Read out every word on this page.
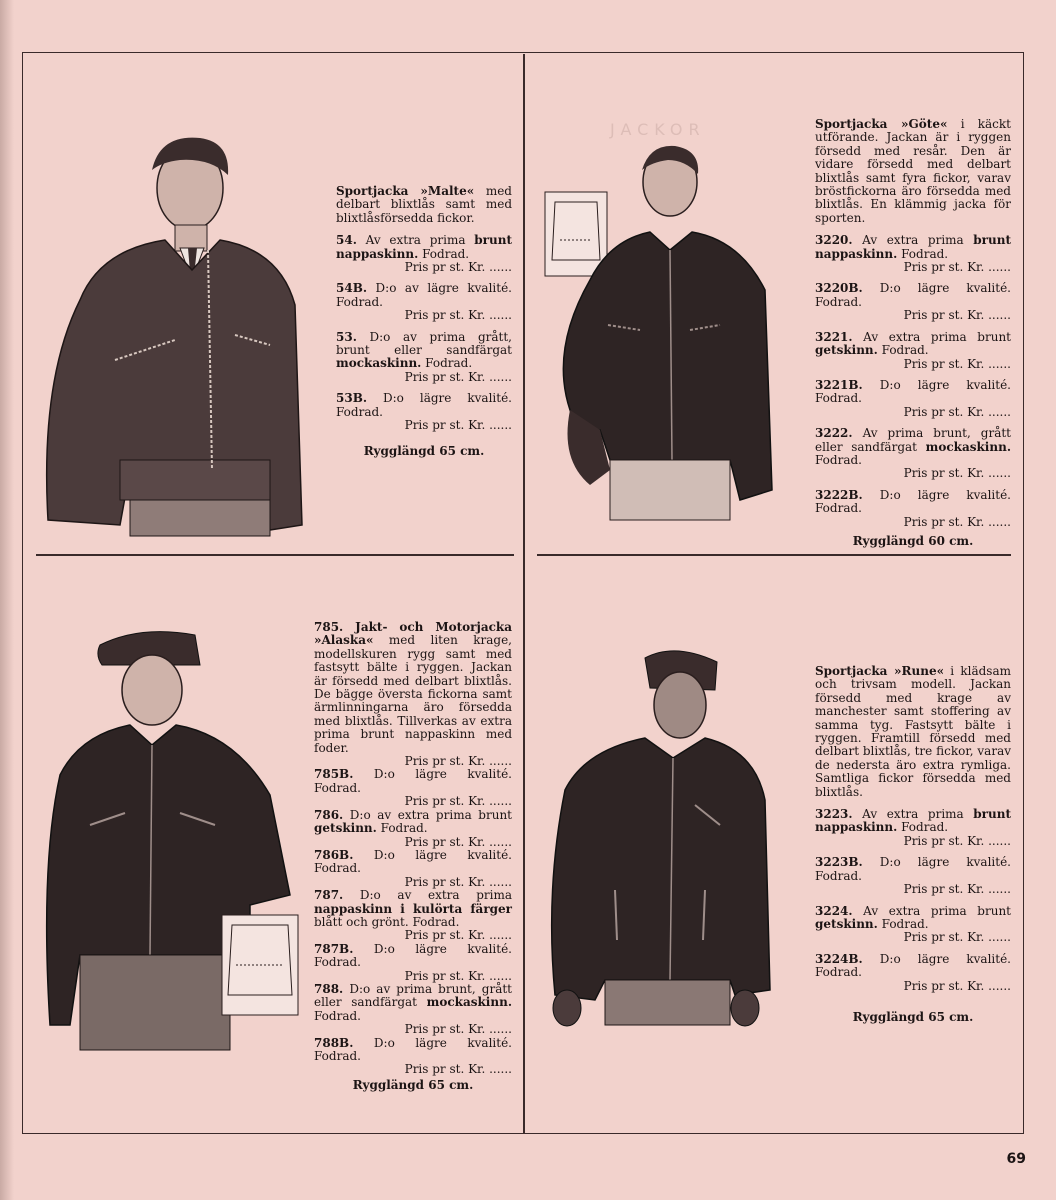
JACKOR

Sportjacka »Malte« med delbart blixtlås samt med blixtlåsförsedda fickor.

54. Av extra prima brunt nappaskinn. Fodrad.

Pris pr st. Kr. ......

54B. D:o av lägre kvalité. Fodrad.

Pris pr st. Kr. ......

53. D:o av prima grått, brunt eller sandfärgat mockaskinn. Fodrad.

Pris pr st. Kr. ......

53B. D:o lägre kvalité. Fodrad.

Pris pr st. Kr. ......

Rygglängd 65 cm.

Sportjacka »Göte« i käckt utförande. Jackan är i ryggen försedd med resår. Den är vidare försedd med delbart blixtlås samt fyra fickor, varav bröstfickorna äro försedda med blixtlås. En klämmig jacka för sporten.

3220. Av extra prima brunt nappaskinn. Fodrad.

Pris pr st. Kr. ......

3220B. D:o lägre kvalité. Fodrad.

Pris pr st. Kr. ......

3221. Av extra prima brunt getskinn. Fodrad.

Pris pr st. Kr. ......

3221B. D:o lägre kvalité. Fodrad.

Pris pr st. Kr. ......

3222. Av prima brunt, grått eller sandfärgat mockaskinn. Fodrad.

Pris pr st. Kr. ......

3222B. D:o lägre kvalité. Fodrad.

Pris pr st. Kr. ......

Rygglängd 60 cm.

785. Jakt- och Motorjacka »Alaska« med liten krage, modellskuren rygg samt med fastsytt bälte i ryggen. Jackan är försedd med delbart blixtlås. De bägge översta fickorna samt ärmlinningarna äro försedda med blixtlås. Tillverkas av extra prima brunt nappaskinn med foder.

Pris pr st. Kr. ......

785B. D:o lägre kvalité. Fodrad.

Pris pr st. Kr. ......

786. D:o av extra prima brunt getskinn. Fodrad.

Pris pr st. Kr. ......

786B. D:o lägre kvalité. Fodrad.

Pris pr st. Kr. ......

787. D:o av extra prima nappaskinn i kulörta färger blått och grönt. Fodrad.

Pris pr st. Kr. ......

787B. D:o lägre kvalité. Fodrad.

Pris pr st. Kr. ......

788. D:o av prima brunt, grått eller sandfärgat mockaskinn. Fodrad.

Pris pr st. Kr. ......

788B. D:o lägre kvalité. Fodrad.

Pris pr st. Kr. ......

Rygglängd 65 cm.

Sportjacka »Rune« i klädsam och trivsam modell. Jackan försedd med krage av manchester samt stoffering av samma tyg. Fastsytt bälte i ryggen. Framtill försedd med delbart blixtlås, tre fickor, varav de nedersta äro extra rymliga. Samtliga fickor försedda med blixtlås.

3223. Av extra prima brunt nappaskinn. Fodrad.

Pris pr st. Kr. ......

3223B. D:o lägre kvalité. Fodrad.

Pris pr st. Kr. ......

3224. Av extra prima brunt getskinn. Fodrad.

Pris pr st. Kr. ......

3224B. D:o lägre kvalité. Fodrad.

Pris pr st. Kr. ......

Rygglängd 65 cm.

69
